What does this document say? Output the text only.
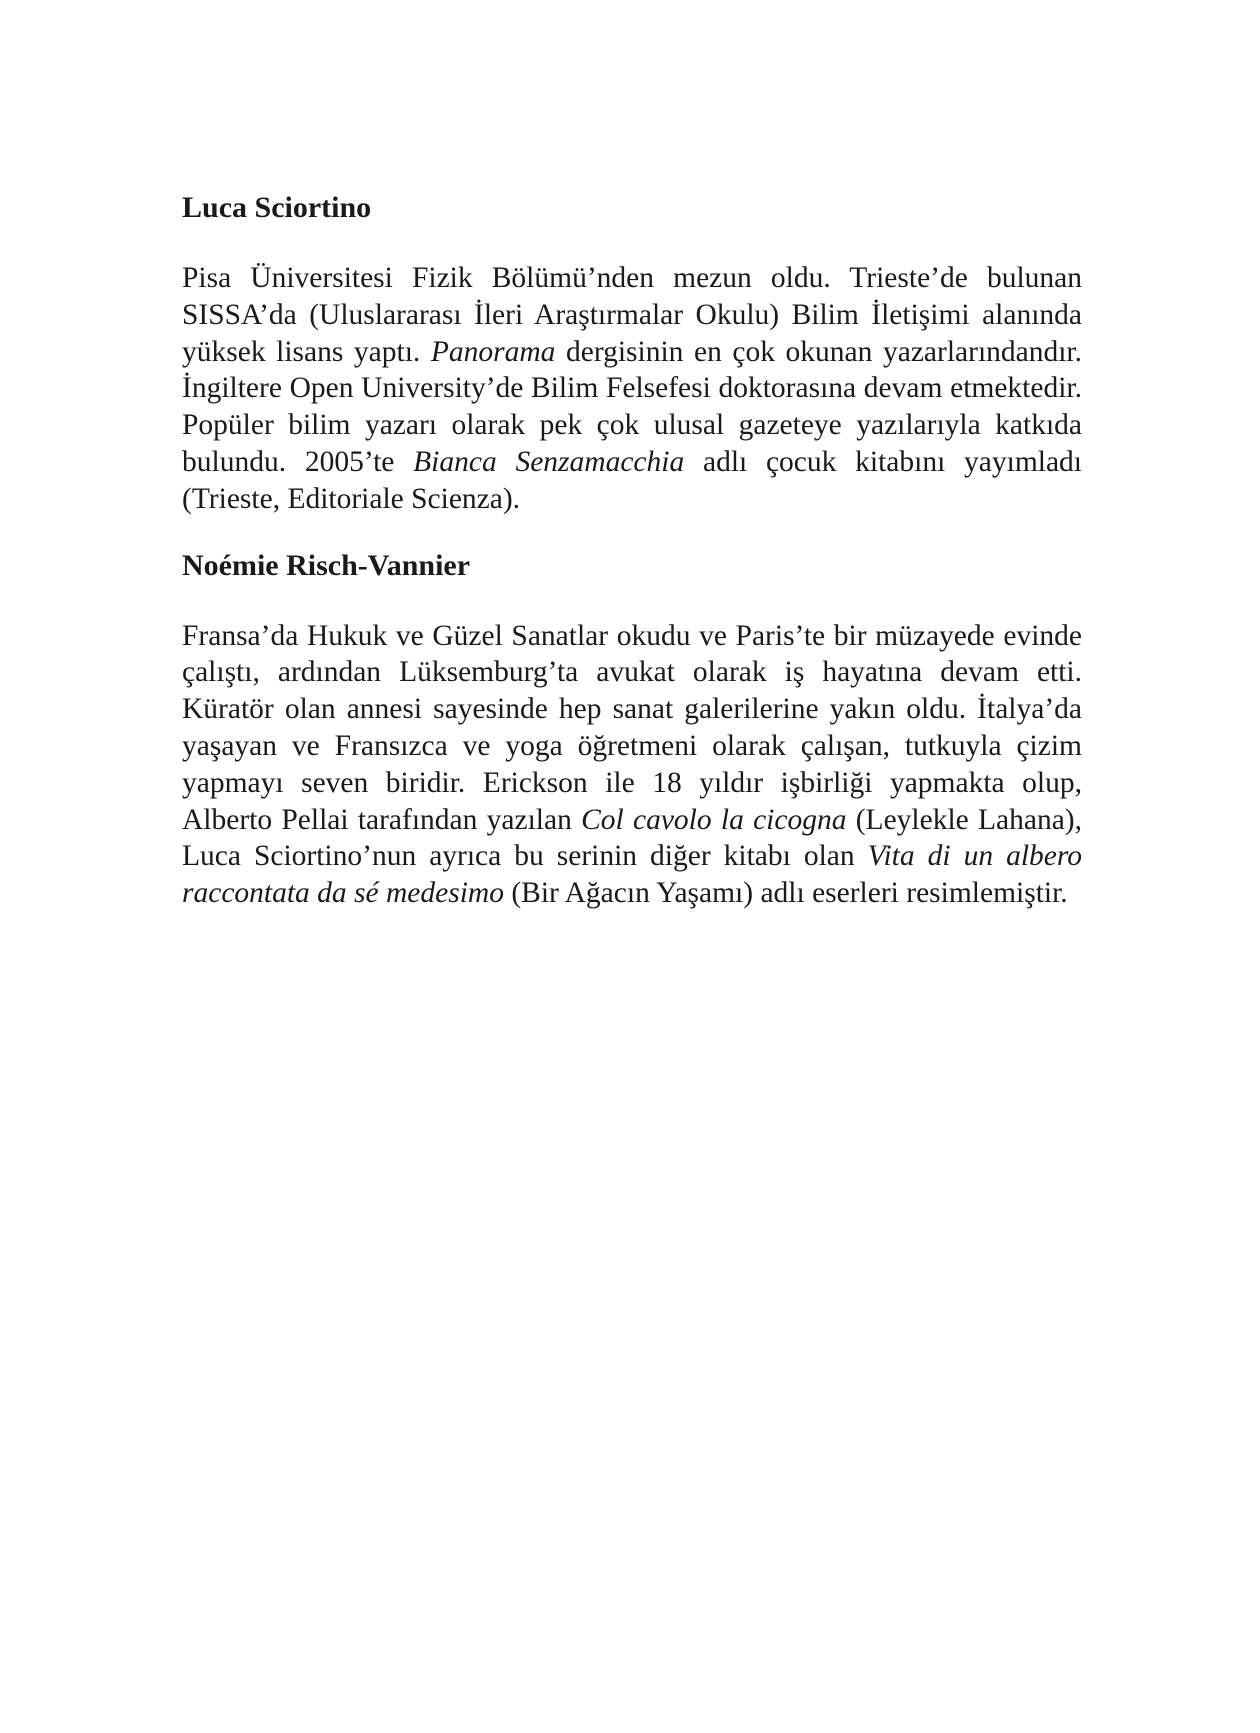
Luca Sciortino

Pisa Üniversitesi Fizik Bölümü’nden mezun oldu. Trieste’de bulunan SISSA’da (Uluslararası İleri Araştırmalar Okulu) Bilim İletişimi alanında yüksek lisans yaptı. Panorama dergisinin en çok okunan yazarlarındandır. İngiltere Open University’de Bilim Felsefesi doktorasına devam etmektedir. Popüler bilim yazarı olarak pek çok ulusal gazeteye yazılarıyla katkıda bulundu. 2005’te Bianca Senzamacchia adlı çocuk kitabını yayımladı (Trieste, Editoriale Scienza).

Noémie Risch-Vannier

Fransa’da Hukuk ve Güzel Sanatlar okudu ve Paris’te bir müzayede evinde çalıştı, ardından Lüksemburg’ta avukat olarak iş hayatına devam etti. Küratör olan annesi sayesinde hep sanat galerilerine yakın oldu. İtalya’da yaşayan ve Fransızca ve yoga öğretmeni olarak çalışan, tutkuyla çizim yapmayı seven biridir. Erickson ile 18 yıldır işbirliği yapmakta olup, Alberto Pellai tarafından yazılan Col cavolo la cicogna (Leylekle Lahana), Luca Sciortino’nun ayrıca bu serinin diğer kitabı olan Vita di un albero raccontata da sé medesimo (Bir Ağacın Yaşamı) adlı eserleri resimlemiştir.
